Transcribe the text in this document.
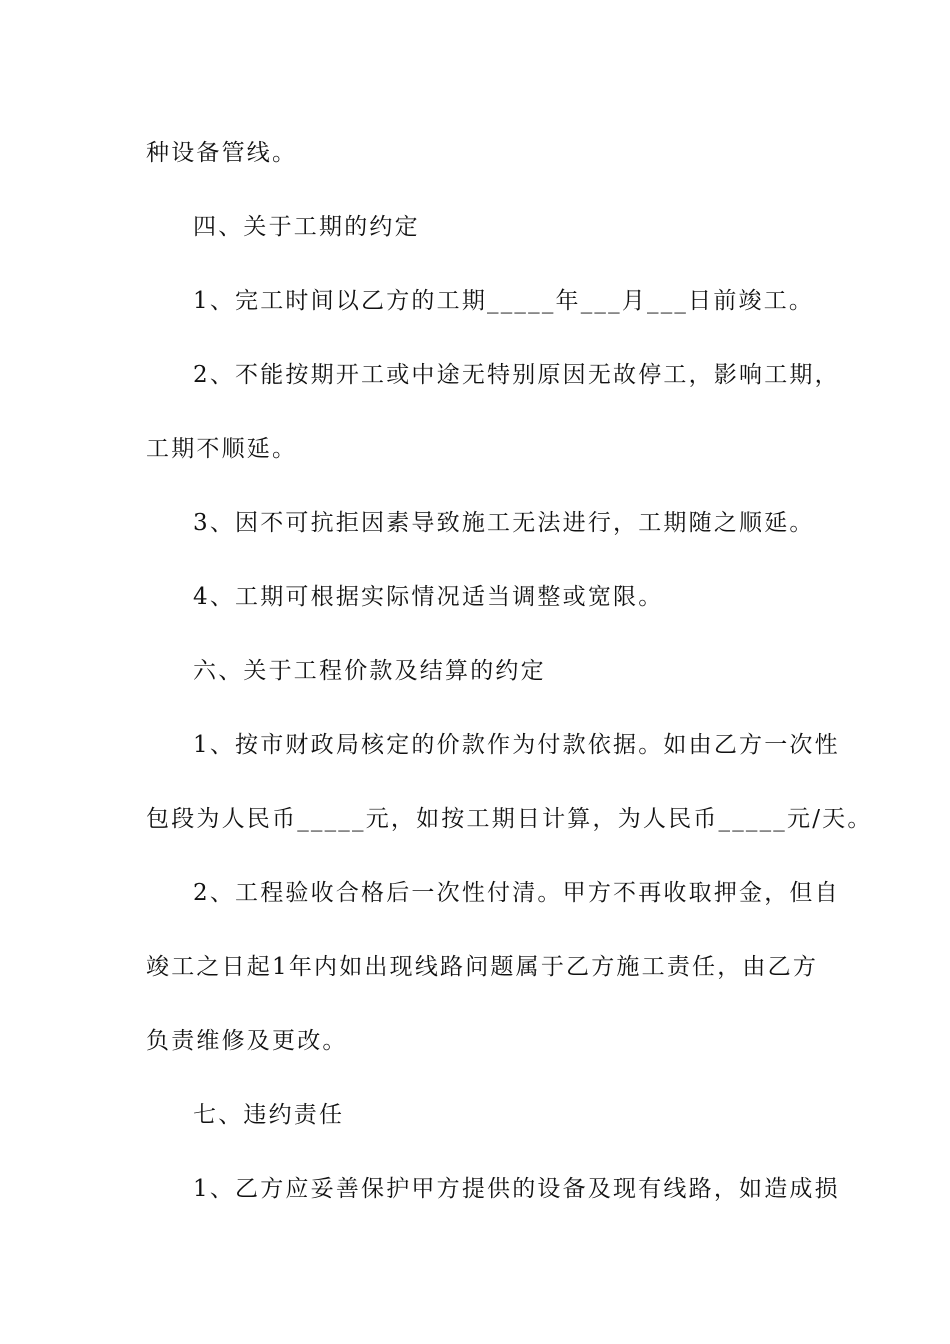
种设备管线。
四、关于工期的约定
1、完工时间以乙方的工期_____年___月___日前竣工。
2、不能按期开工或中途无特别原因无故停工，影响工期，
工期不顺延。
3、因不可抗拒因素导致施工无法进行，工期随之顺延。
4、工期可根据实际情况适当调整或宽限。
六、关于工程价款及结算的约定
1、按市财政局核定的价款作为付款依据。如由乙方一次性
包段为人民币_____元，如按工期日计算，为人民币_____元/天。
2、工程验收合格后一次性付清。甲方不再收取押金，但自
竣工之日起1年内如出现线路问题属于乙方施工责任，由乙方
负责维修及更改。
七、违约责任
1、乙方应妥善保护甲方提供的设备及现有线路，如造成损
